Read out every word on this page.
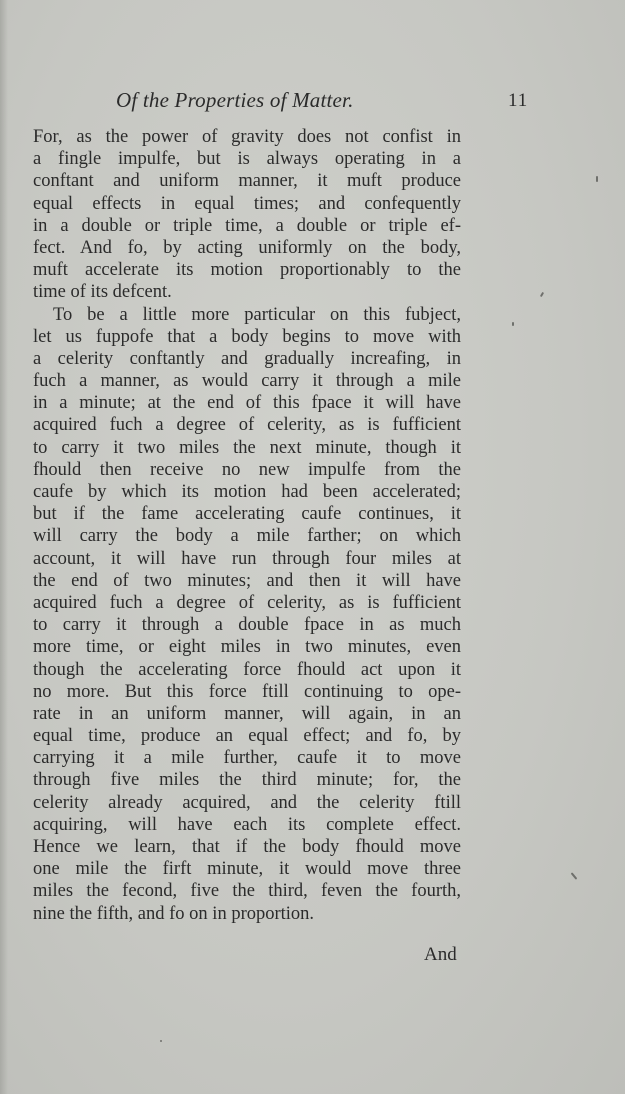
Of the Properties of Matter.	11
For, as the power of gravity does not confist in
a fingle impulfe, but is always operating in a
conftant and uniform manner, it muft produce
equal effects in equal times; and confequently
in a double or triple time, a double or triple ef-
fect. And fo, by acting uniformly on the body,
muft accelerate its motion proportionably to the
time of its defcent.
To be a little more particular on this fubject,
let us fuppofe that a body begins to move with
a celerity conftantly and gradually increafing, in
fuch a manner, as would carry it through a mile
in a minute; at the end of this fpace it will have
acquired fuch a degree of celerity, as is fufficient
to carry it two miles the next minute, though it
fhould then receive no new impulfe from the
caufe by which its motion had been accelerated;
but if the fame accelerating caufe continues, it
will carry the body a mile farther; on which
account, it will have run through four miles at
the end of two minutes; and then it will have
acquired fuch a degree of celerity, as is fufficient
to carry it through a double fpace in as much
more time, or eight miles in two minutes, even
though the accelerating force fhould act upon it
no more. But this force ftill continuing to ope-
rate in an uniform manner, will again, in an
equal time, produce an equal effect; and fo, by
carrying it a mile further, caufe it to move
through five miles the third minute; for, the
celerity already acquired, and the celerity ftill
acquiring, will have each its complete effect.
Hence we learn, that if the body fhould move
one mile the firft minute, it would move three
miles the fecond, five the third, feven the fourth,
nine the fifth, and fo on in proportion.
And
